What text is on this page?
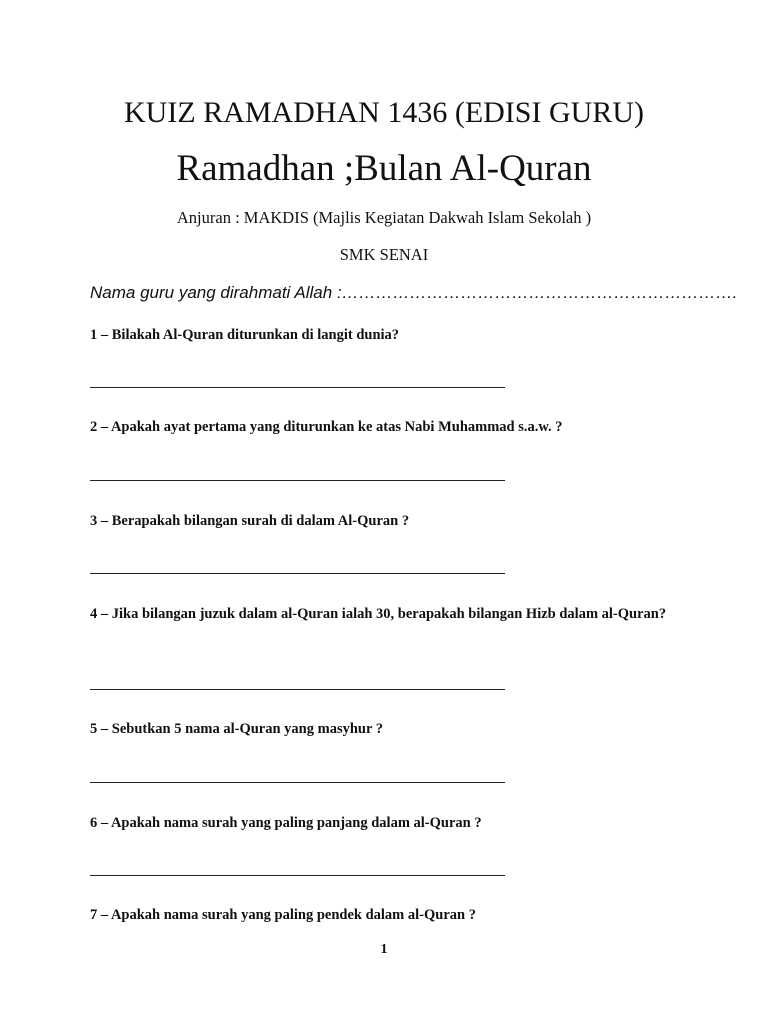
KUIZ RAMADHAN 1436 (EDISI GURU)
Ramadhan ;Bulan Al-Quran
Anjuran : MAKDIS (Majlis Kegiatan Dakwah Islam Sekolah )
SMK SENAI
Nama guru yang dirahmati Allah :…………………………………………………………….
1 – Bilakah Al-Quran diturunkan di langit dunia?
2 – Apakah ayat pertama yang diturunkan ke atas Nabi Muhammad s.a.w. ?
3 – Berapakah bilangan surah di dalam Al-Quran ?
4 – Jika bilangan juzuk dalam al-Quran ialah 30, berapakah bilangan Hizb dalam al-Quran?
5 – Sebutkan 5 nama al-Quran yang masyhur ?
6 – Apakah nama surah yang paling panjang dalam al-Quran ?
7 – Apakah nama surah yang paling pendek dalam al-Quran ?
1
